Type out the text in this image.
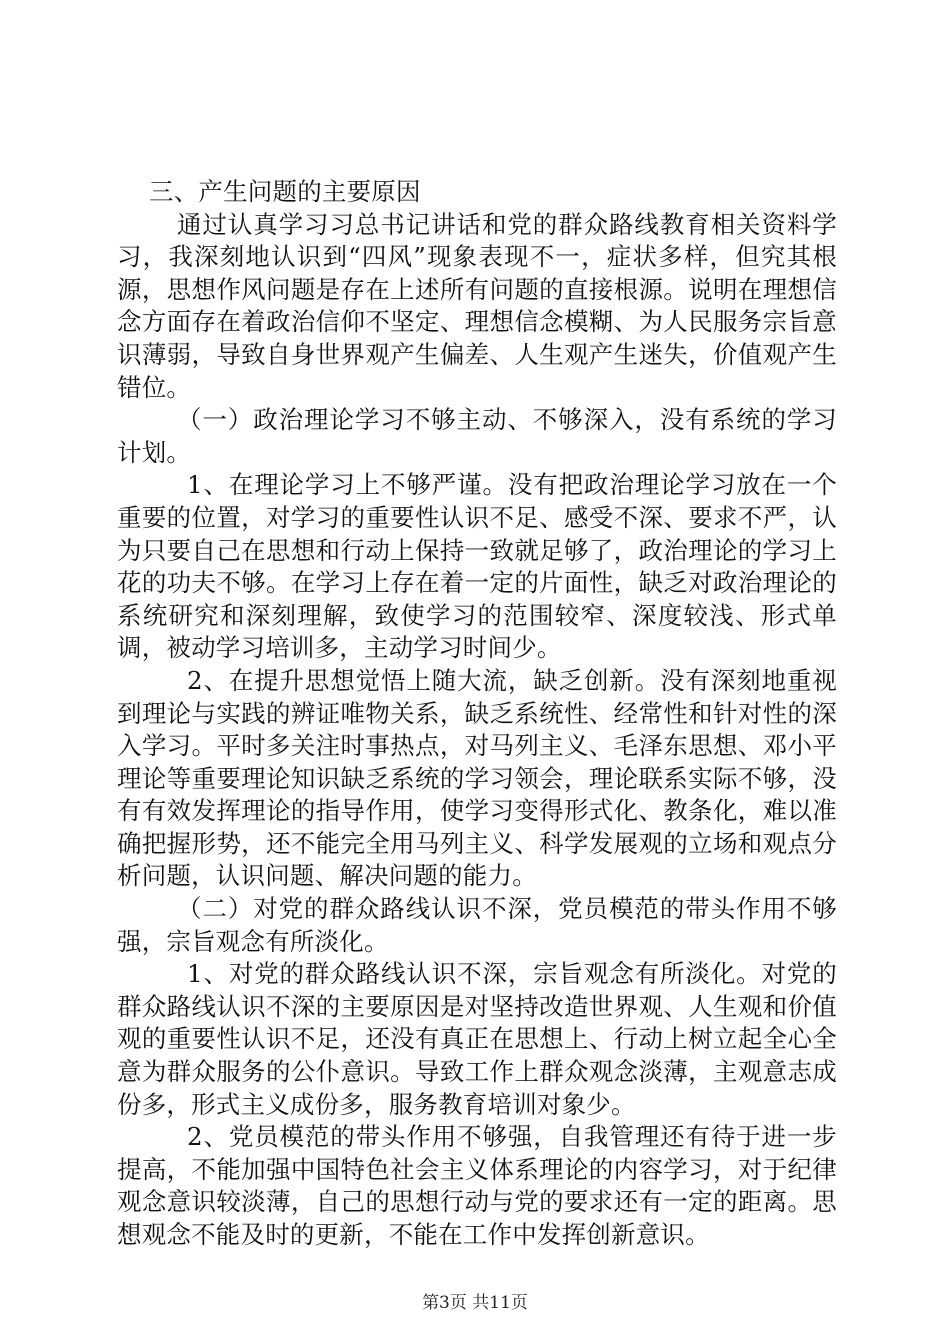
三、产生问题的主要原因

通过认真学习习总书记讲话和党的群众路线教育相关资料学习，我深刻地认识到“四风”现象表现不一，症状多样，但究其根源，思想作风问题是存在上述所有问题的直接根源。说明在理想信念方面存在着政治信仰不坚定、理想信念模糊、为人民服务宗旨意识薄弱，导致自身世界观产生偏差、人生观产生迷失，价值观产生错位。

（一）政治理论学习不够主动、不够深入，没有系统的学习计划。

1、在理论学习上不够严谨。没有把政治理论学习放在一个重要的位置，对学习的重要性认识不足、感受不深、要求不严，认为只要自己在思想和行动上保持一致就足够了，政治理论的学习上花的功夫不够。在学习上存在着一定的片面性，缺乏对政治理论的系统研究和深刻理解，致使学习的范围较窄、深度较浅、形式单调，被动学习培训多，主动学习时间少。

2、在提升思想觉悟上随大流，缺乏创新。没有深刻地重视到理论与实践的辨证唯物关系，缺乏系统性、经常性和针对性的深入学习。平时多关注时事热点，对马列主义、毛泽东思想、邓小平理论等重要理论知识缺乏系统的学习领会，理论联系实际不够，没有有效发挥理论的指导作用，使学习变得形式化、教条化，难以准确把握形势，还不能完全用马列主义、科学发展观的立场和观点分析问题，认识问题、解决问题的能力。

（二）对党的群众路线认识不深，党员模范的带头作用不够强，宗旨观念有所淡化。

1、对党的群众路线认识不深，宗旨观念有所淡化。对党的群众路线认识不深的主要原因是对坚持改造世界观、人生观和价值观的重要性认识不足，还没有真正在思想上、行动上树立起全心全意为群众服务的公仆意识。导致工作上群众观念淡薄，主观意志成份多，形式主义成份多，服务教育培训对象少。

2、党员模范的带头作用不够强，自我管理还有待于进一步提高，不能加强中国特色社会主义体系理论的内容学习，对于纪律观念意识较淡薄，自己的思想行动与党的要求还有一定的距离。思想观念不能及时的更新，不能在工作中发挥创新意识。

第3页 共11页
